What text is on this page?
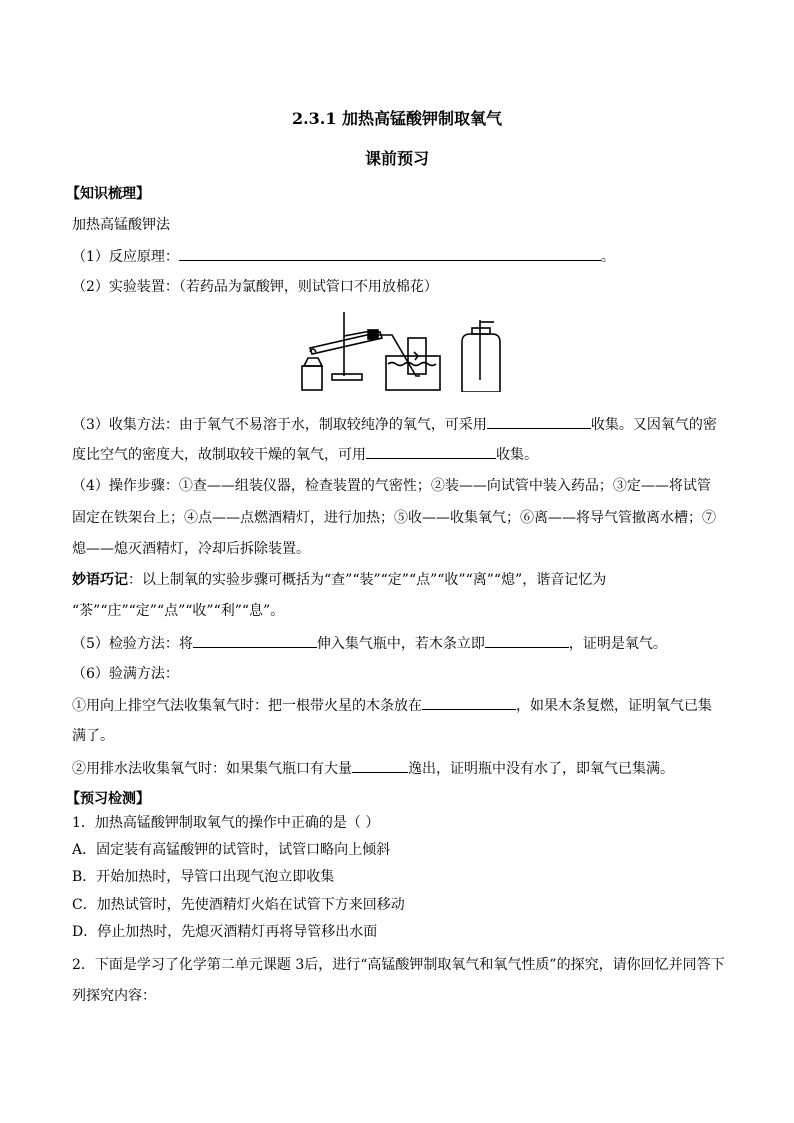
2.3.1 加热高锰酸钾制取氧气
课前预习
【知识梳理】
加热高锰酸钾法
（1）反应原理：	。
（2）实验装置：（若药品为氯酸钾，则试管口不用放棉花）
（3）收集方法：由于氧气不易溶于水，制取较纯净的氧气，可采用	收集。又因氧气的密
度比空气的密度大，故制取较干燥的氧气，可用	收集。
（4）操作步骤：①查——组装仪器，检查装置的气密性；②装——向试管中装入药品；③定——将试管
固定在铁架台上；④点——点燃酒精灯，进行加热；⑤收——收集氧气；⑥离——将导气管撤离水槽；⑦
熄——熄灭酒精灯，冷却后拆除装置。
妙语巧记：以上制氧的实验步骤可概括为“查”“装”“定”“点”“收”“离”“熄”，谐音记忆为
“茶”“庄”“定”“点”“收”“利”“息”。
（5）检验方法：将	伸入集气瓶中，若木条立即	，证明是氧气。
（6）验满方法：
①用向上排空气法收集氧气时：把一根带火星的木条放在	，如果木条复燃，证明氧气已集
满了。
②用排水法收集氧气时：如果集气瓶口有大量	逸出，证明瓶中没有水了，即氧气已集满。
【预习检测】
1．加热高锰酸钾制取氧气的操作中正确的是（ ）
A．固定装有高锰酸钾的试管时，试管口略向上倾斜
B．开始加热时，导管口出现气泡立即收集
C．加热试管时，先使酒精灯火焰在试管下方来回移动
D．停止加热时，先熄灭酒精灯再将导管移出水面
2．下面是学习了化学第二单元课题 3后，进行“高锰酸钾制取氧气和氧气性质”的探究，请你回忆并同答下
列探究内容：
